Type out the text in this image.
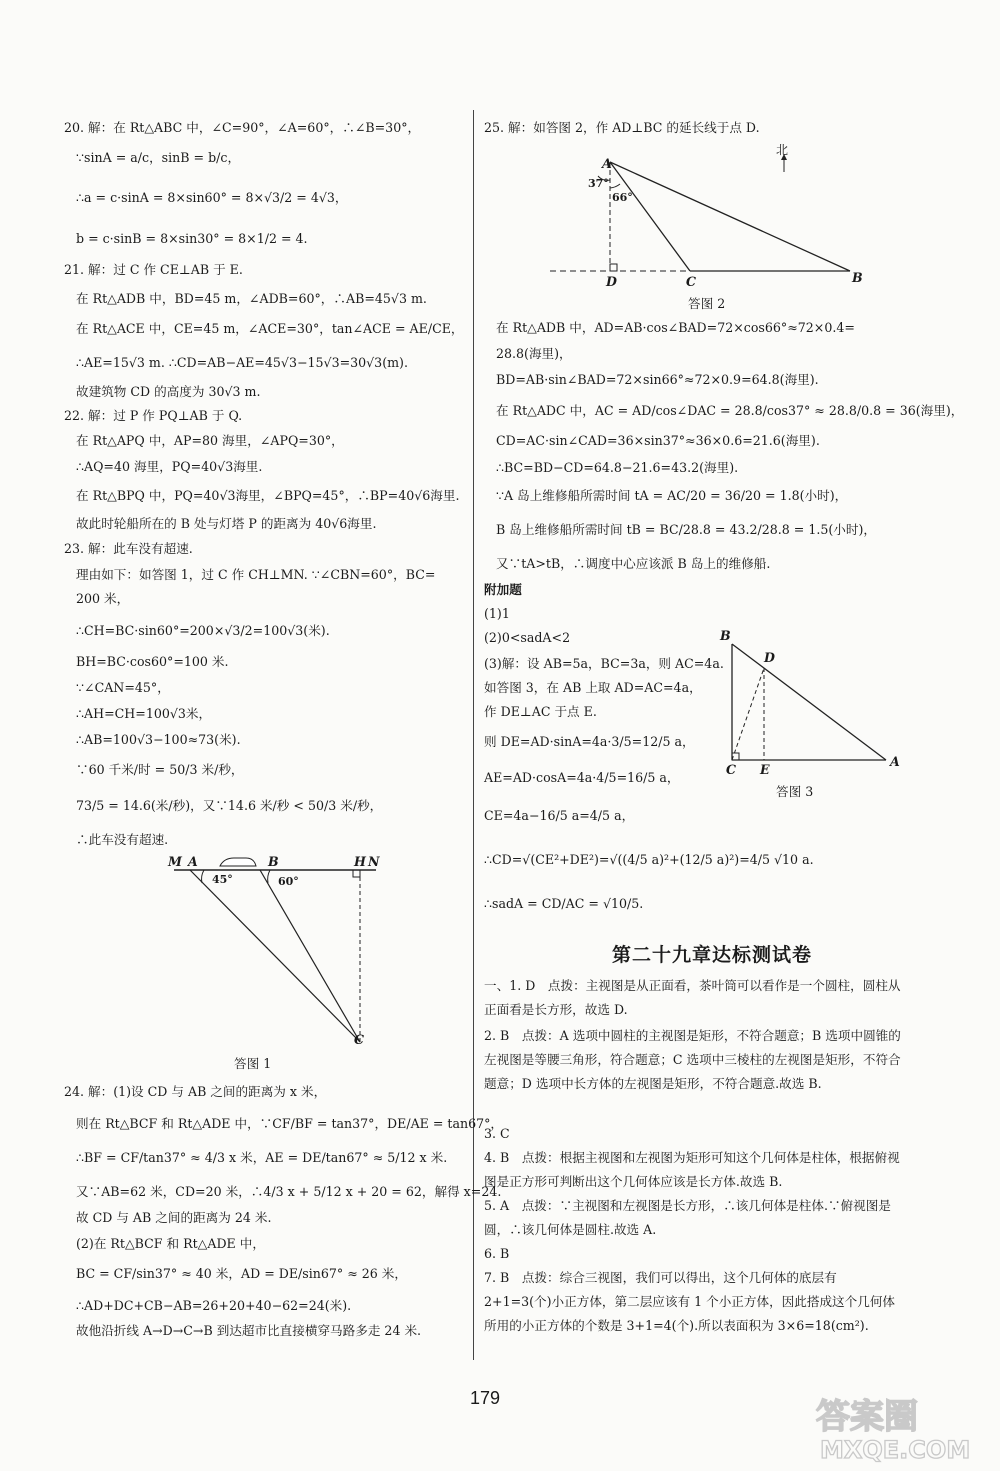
20. 解：在 Rt△ABC 中，∠C=90°，∠A=60°，∴∠B=30°，
∵sinA = a/c，sinB = b/c，
∴a = c·sinA = 8×sin60° = 8×√3/2 = 4√3，
b = c·sinB = 8×sin30° = 8×1/2 = 4.
21. 解：过 C 作 CE⊥AB 于 E.
在 Rt△ADB 中，BD=45 m，∠ADB=60°，∴AB=45√3 m.
在 Rt△ACE 中，CE=45 m，∠ACE=30°，tan∠ACE = AE/CE，
∴AE=15√3 m. ∴CD=AB−AE=45√3−15√3=30√3(m).
故建筑物 CD 的高度为 30√3 m.
22. 解：过 P 作 PQ⊥AB 于 Q.
在 Rt△APQ 中，AP=80 海里，∠APQ=30°，
∴AQ=40 海里，PQ=40√3海里.
在 Rt△BPQ 中，PQ=40√3海里，∠BPQ=45°，∴BP=40√6海里.
故此时轮船所在的 B 处与灯塔 P 的距离为 40√6海里.
23. 解：此车没有超速.
理由如下：如答图 1，过 C 作 CH⊥MN. ∵∠CBN=60°，BC=
200 米，
∴CH=BC·sin60°=200×√3/2=100√3(米).
BH=BC·cos60°=100 米.
∵∠CAN=45°，
∴AH=CH=100√3米，
∴AB=100√3−100≈73(米).
∵60 千米/时 = 50/3 米/秒，
73/5 = 14.6(米/秒)，又∵14.6 米/秒 < 50/3 米/秒，
∴此车没有超速.
M A	B	H N
C
45°	60°
答图 1
24. 解：(1)设 CD 与 AB 之间的距离为 x 米，
则在 Rt△BCF 和 Rt△ADE 中，∵CF/BF = tan37°，DE/AE = tan67°，
∴BF = CF/tan37° ≈ 4/3 x 米，AE = DE/tan67° ≈ 5/12 x 米.
又∵AB=62 米，CD=20 米，∴4/3 x + 5/12 x + 20 = 62，解得 x=24.
故 CD 与 AB 之间的距离为 24 米.
(2)在 Rt△BCF 和 Rt△ADE 中，
BC = CF/sin37° ≈ 40 米，AD = DE/sin67° ≈ 26 米，
∴AD+DC+CB−AB=26+20+40−62=24(米).
故他沿折线 A→D→C→B 到达超市比直接横穿马路多走 24 米.
25. 解：如答图 2，作 AD⊥BC 的延长线于点 D.
A
D	C	B
37°
66°
北
答图 2
在 Rt△ADB 中，AD=AB·cos∠BAD=72×cos66°≈72×0.4=
28.8(海里)，
BD=AB·sin∠BAD=72×sin66°≈72×0.9=64.8(海里).
在 Rt△ADC 中，AC = AD/cos∠DAC = 28.8/cos37° ≈ 28.8/0.8 = 36(海里)，
CD=AC·sin∠CAD=36×sin37°≈36×0.6=21.6(海里).
∴BC=BD−CD=64.8−21.6=43.2(海里).
∵A 岛上维修船所需时间 tA = AC/20 = 36/20 = 1.8(小时)，
B 岛上维修船所需时间 tB = BC/28.8 = 43.2/28.8 = 1.5(小时)，
又∵tA>tB，∴调度中心应该派 B 岛上的维修船.
附加题
(1)1
(2)0<sadA<2
(3)解：设 AB=5a，BC=3a，则 AC=4a.
如答图 3，在 AB 上取 AD=AC=4a，
作 DE⊥AC 于点 E.
则 DE=AD·sinA=4a·3/5=12/5 a，
AE=AD·cosA=4a·4/5=16/5 a，
CE=4a−16/5 a=4/5 a，
∴CD=√(CE²+DE²)=√((4/5 a)²+(12/5 a)²)=4/5 √10 a.
∴sadA = CD/AC = √10/5.
B
D
C E
A
答图 3
一、1. D　点拨：主视图是从正面看，茶叶筒可以看作是一个圆柱，圆柱从正面看是长方形，故选 D.
2. B　点拨：A 选项中圆柱的主视图是矩形，不符合题意；B 选项中圆锥的左视图是等腰三角形，符合题意；C 选项中三棱柱的左视图是矩形，不符合题意；D 选项中长方体的左视图是矩形，不符合题意.故选 B.
3. C
4. B　点拨：根据主视图和左视图为矩形可知这个几何体是柱体，根据俯视图是正方形可判断出这个几何体应该是长方体.故选 B.
5. A　点拨：∵主视图和左视图是长方形，∴该几何体是柱体.∵俯视图是圆，∴该几何体是圆柱.故选 A.
6. B
7. B　点拨：综合三视图，我们可以得出，这个几何体的底层有 2+1=3(个)小正方体，第二层应该有 1 个小正方体，因此搭成这个几何体所用的小正方体的个数是 3+1=4(个).所以表面积为 3×6=18(cm²).
第二十九章达标测试卷
179	答案圈
MXQE.COM
